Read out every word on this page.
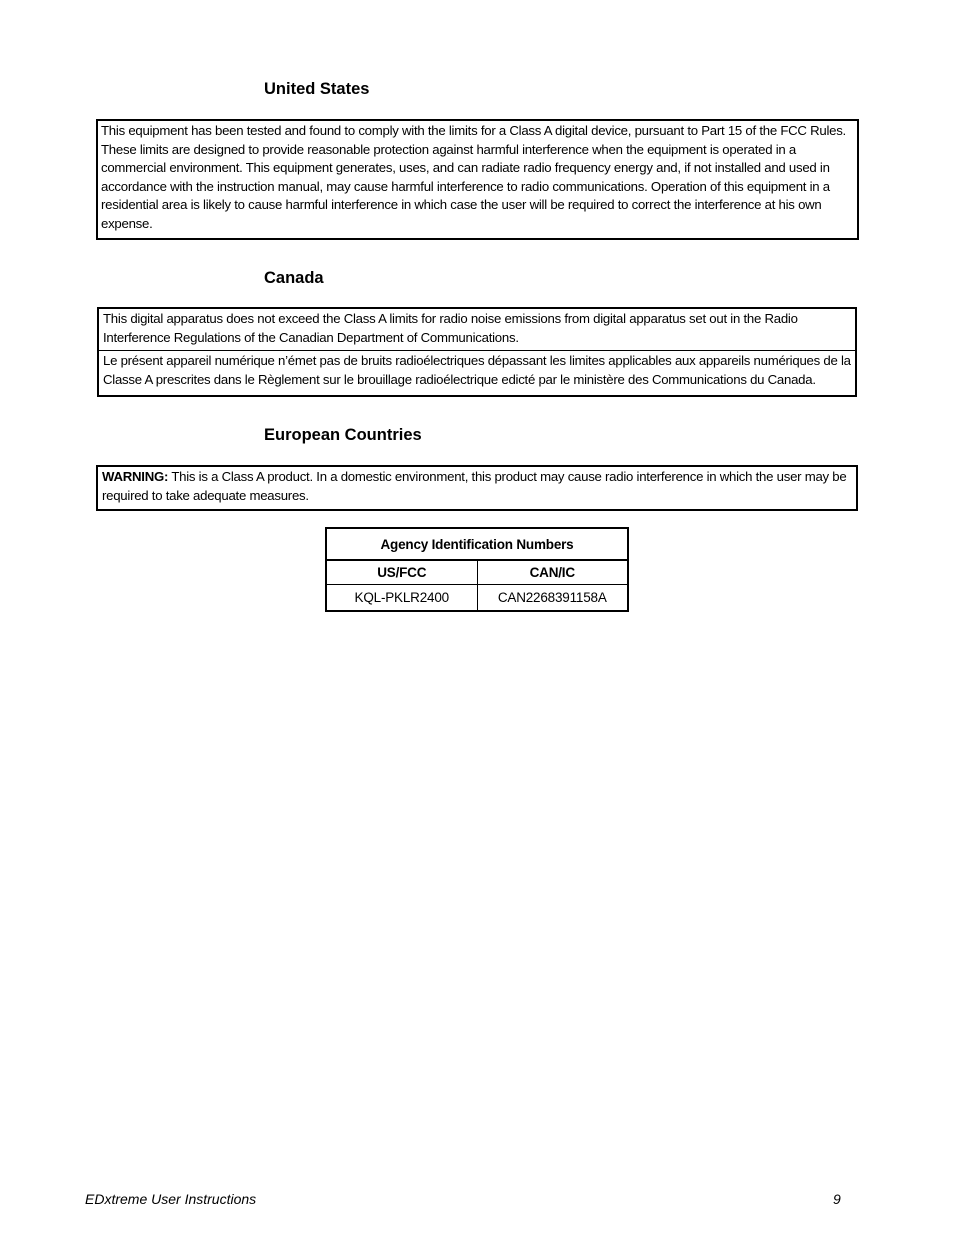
United States

This equipment has been tested and found to comply with the limits for a Class A digital device, pursuant to Part 15 of the FCC Rules. These limits are designed to provide reasonable protection against harmful interference when the equipment is operated in a commercial environment. This equipment generates, uses, and can radiate radio frequency energy and, if not installed and used in accordance with the instruction manual, may cause harmful interference to radio communications. Operation of this equipment in a residential area is likely to cause harmful interference in which case the user will be required to correct the interference at his own expense.

Canada

This digital apparatus does not exceed the Class A limits for radio noise emissions from digital apparatus set out in the Radio Interference Regulations of the Canadian Department of Communications.

Le présent appareil numérique n’émet pas de bruits radioélectriques dépassant les limites applicables aux appareils numériques de la Classe A prescrites dans le Règlement sur le brouillage radioélectrique edicté par le ministère des Communications du Canada.

European Countries

WARNING: This is a Class A product. In a domestic environment, this product may cause radio interference in which the user may be required to take adequate measures.

Agency Identification Numbers	
US/FCC	CAN/IC
KQL-PKLR2400	CAN2268391158A
EDxtreme User Instructions	9
